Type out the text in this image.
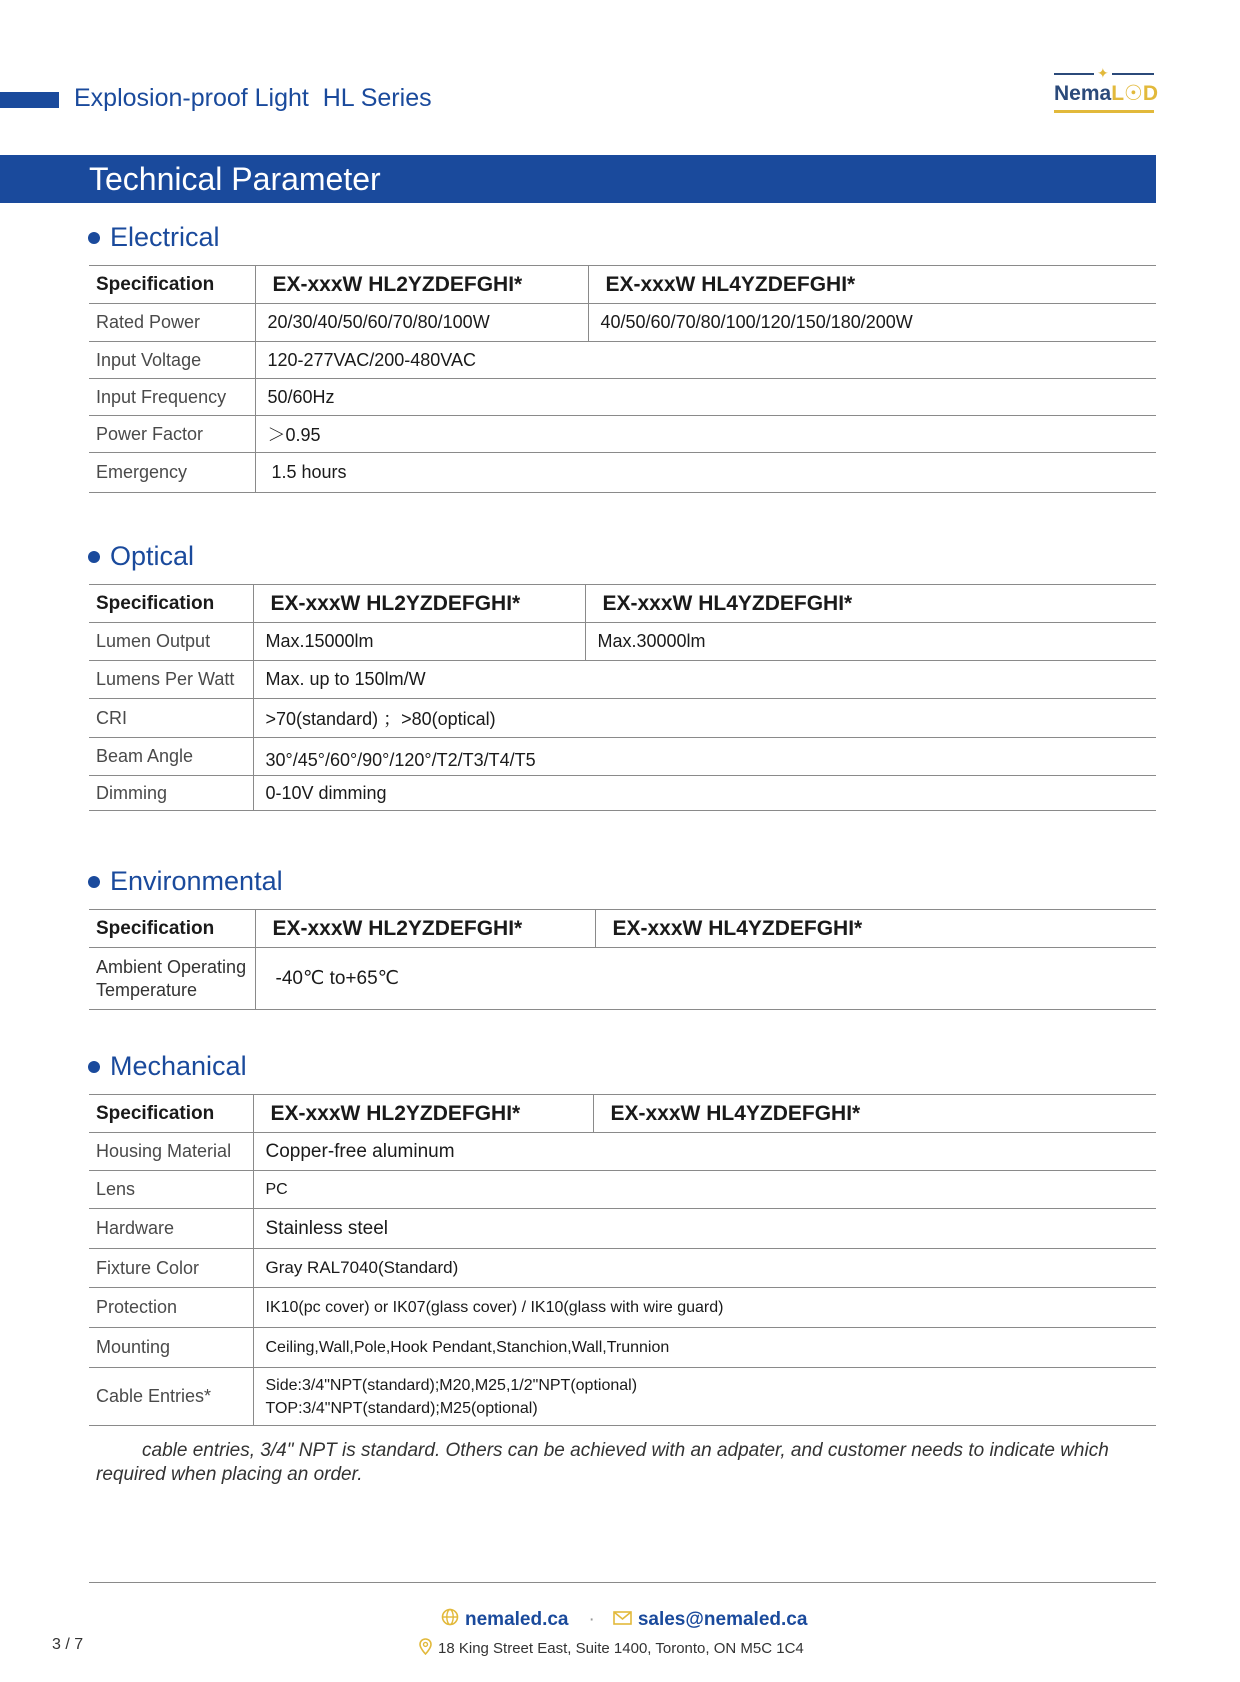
Explosion-proof Light  HL Series
✦
NemaL☉D
Technical Parameter
Electrical
Specification	EX-xxxW HL2YZDEFGHI*	EX-xxxW HL4YZDEFGHI*
Rated Power	20/30/40/50/60/70/80/100W	40/50/60/70/80/100/120/150/180/200W
Input Voltage	120-277VAC/200-480VAC	
Input Frequency	50/60Hz	
Power Factor	＞0.95	
Emergency	1.5 hours	
Optical
Specification	EX-xxxW HL2YZDEFGHI*	EX-xxxW HL4YZDEFGHI*
Lumen Output	Max.15000lm	Max.30000lm
Lumens Per Watt	Max. up to 150lm/W	
CRI	>70(standard) ；>80(optical)	
Beam Angle	30°/45°/60°/90°/120°/T2/T3/T4/T5	
Dimming	0-10V dimming	
Environmental
Specification	EX-xxxW HL2YZDEFGHI*	EX-xxxW HL4YZDEFGHI*

Ambient Operating
Temperature	-40℃ to+65℃	
Mechanical
Specification	EX-xxxW HL2YZDEFGHI*	EX-xxxW HL4YZDEFGHI*
Housing Material	Copper-free aluminum	
Lens	PC	
Hardware	Stainless steel	
Fixture Color	Gray RAL7040(Standard)	
Protection	IK10(pc cover) or IK07(glass cover) / IK10(glass with wire guard)	
Mounting	Ceiling,Wall,Pole,Hook Pendant,Stanchion,Wall,Trunnion	
Cable Entries*	Side:3/4"NPT(standard);M20,M25,1/2"NPT(optional)
TOP:3/4"NPT(standard);M25(optional)	
cable entries, 3/4" NPT is standard. Others can be achieved with an adpater, and customer needs to indicate which
required when placing an order.
nemaled.ca · sales@nemaled.ca
18 King Street East, Suite 1400, Toronto, ON M5C 1C4
3 / 7
